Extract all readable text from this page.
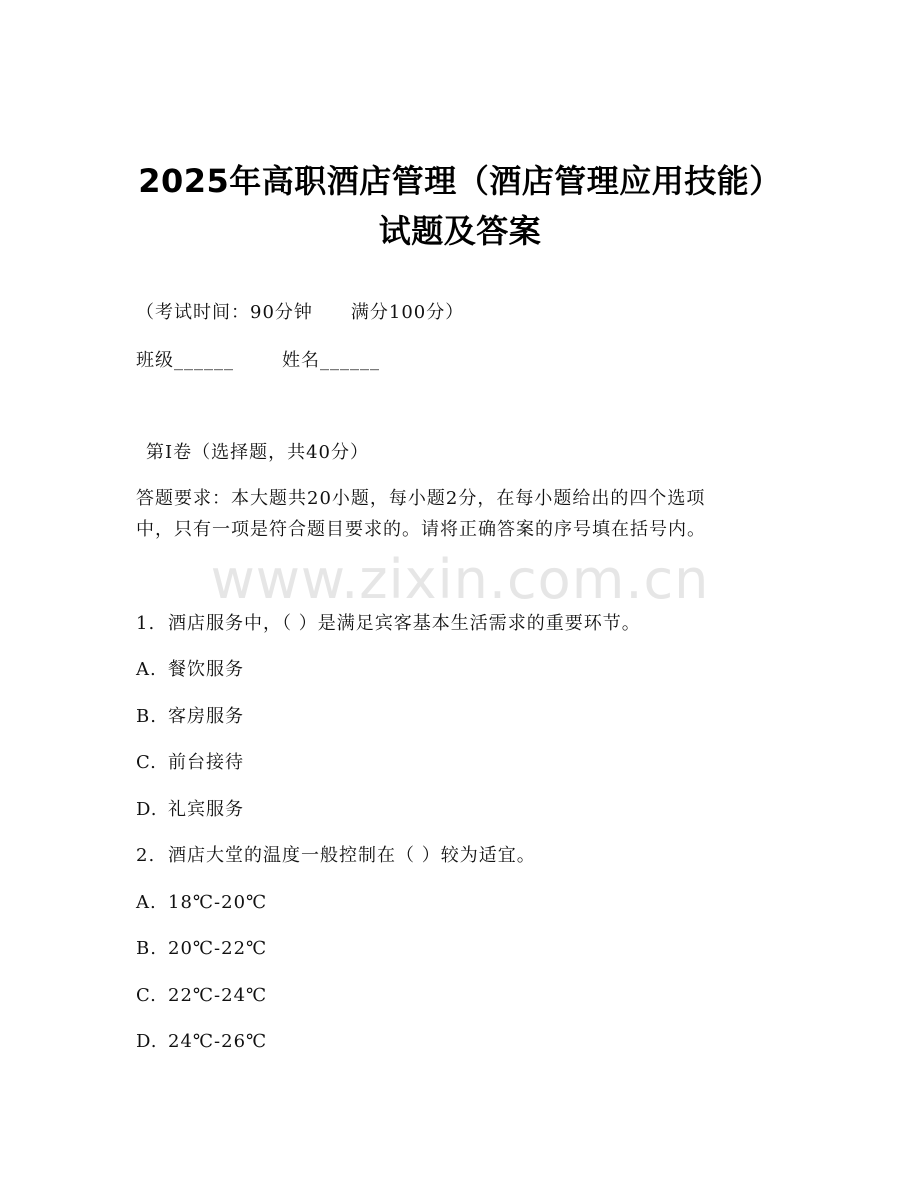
2025年高职酒店管理（酒店管理应用技能）
试题及答案
（考试时间：90分钟 满分100分）
班级______	姓名______
第I卷（选择题，共40分）
答题要求：本大题共20小题，每小题2分，在每小题给出的四个选项
中，只有一项是符合题目要求的。请将正确答案的序号填在括号内。
www.zixin.com.cn
1. 酒店服务中，（ ）是满足宾客基本生活需求的重要环节。
A. 餐饮服务
B. 客房服务
C. 前台接待
D. 礼宾服务
2. 酒店大堂的温度一般控制在（ ）较为适宜。
A. 18℃-20℃
B. 20℃-22℃
C. 22℃-24℃
D. 24℃-26℃
